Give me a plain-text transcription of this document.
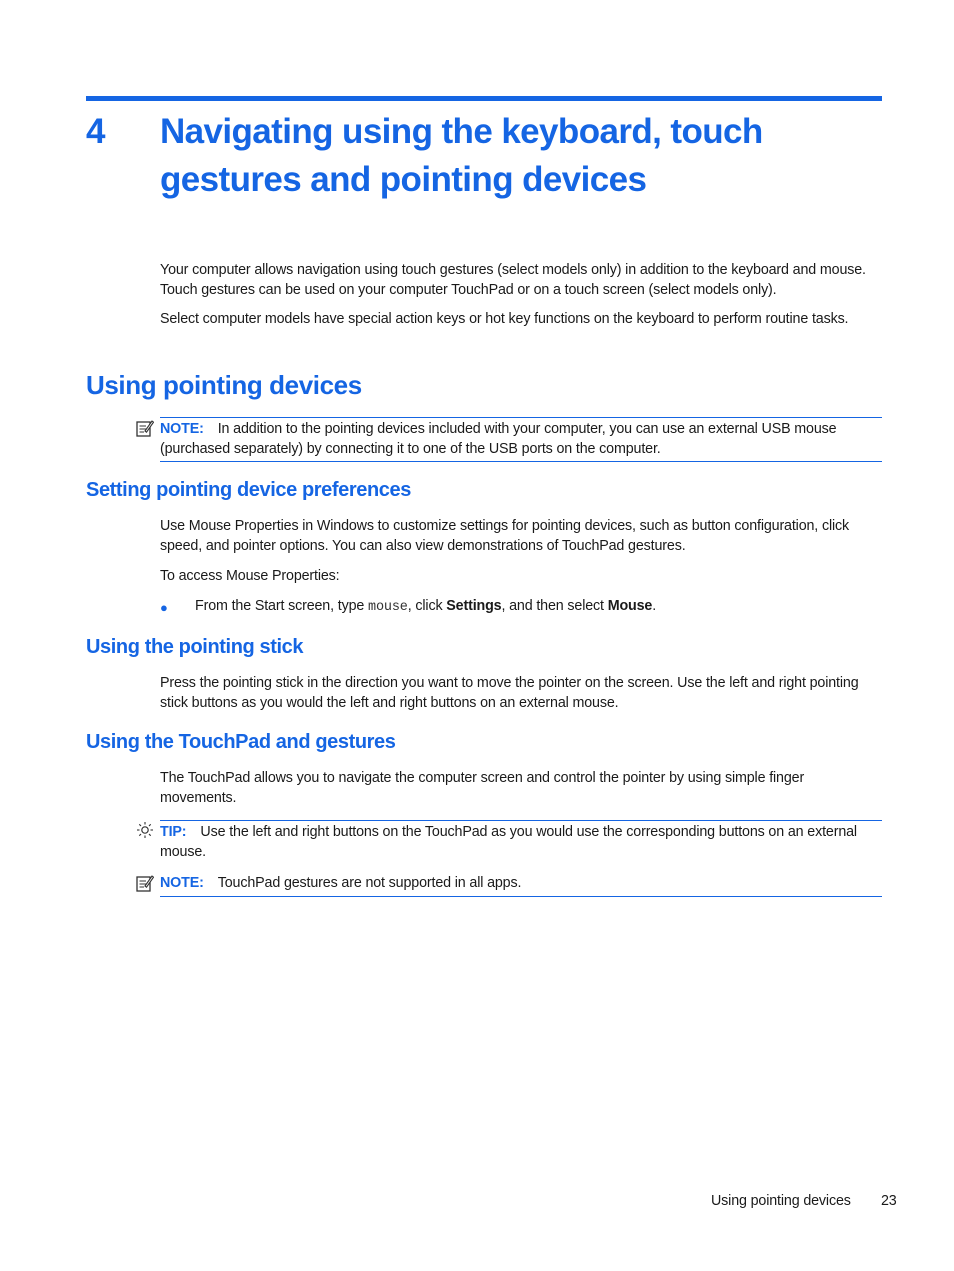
4 Navigating using the keyboard, touch gestures and pointing devices
Your computer allows navigation using touch gestures (select models only) in addition to the keyboard and mouse. Touch gestures can be used on your computer TouchPad or on a touch screen (select models only).
Select computer models have special action keys or hot key functions on the keyboard to perform routine tasks.
Using pointing devices
NOTE: In addition to the pointing devices included with your computer, you can use an external USB mouse (purchased separately) by connecting it to one of the USB ports on the computer.
Setting pointing device preferences
Use Mouse Properties in Windows to customize settings for pointing devices, such as button configuration, click speed, and pointer options. You can also view demonstrations of TouchPad gestures.
To access Mouse Properties:
● From the Start screen, type mouse, click Settings, and then select Mouse.
Using the pointing stick
Press the pointing stick in the direction you want to move the pointer on the screen. Use the left and right pointing stick buttons as you would the left and right buttons on an external mouse.
Using the TouchPad and gestures
The TouchPad allows you to navigate the computer screen and control the pointer by using simple finger movements.
TIP: Use the left and right buttons on the TouchPad as you would use the corresponding buttons on an external mouse.
NOTE: TouchPad gestures are not supported in all apps.
Using pointing devices 23
